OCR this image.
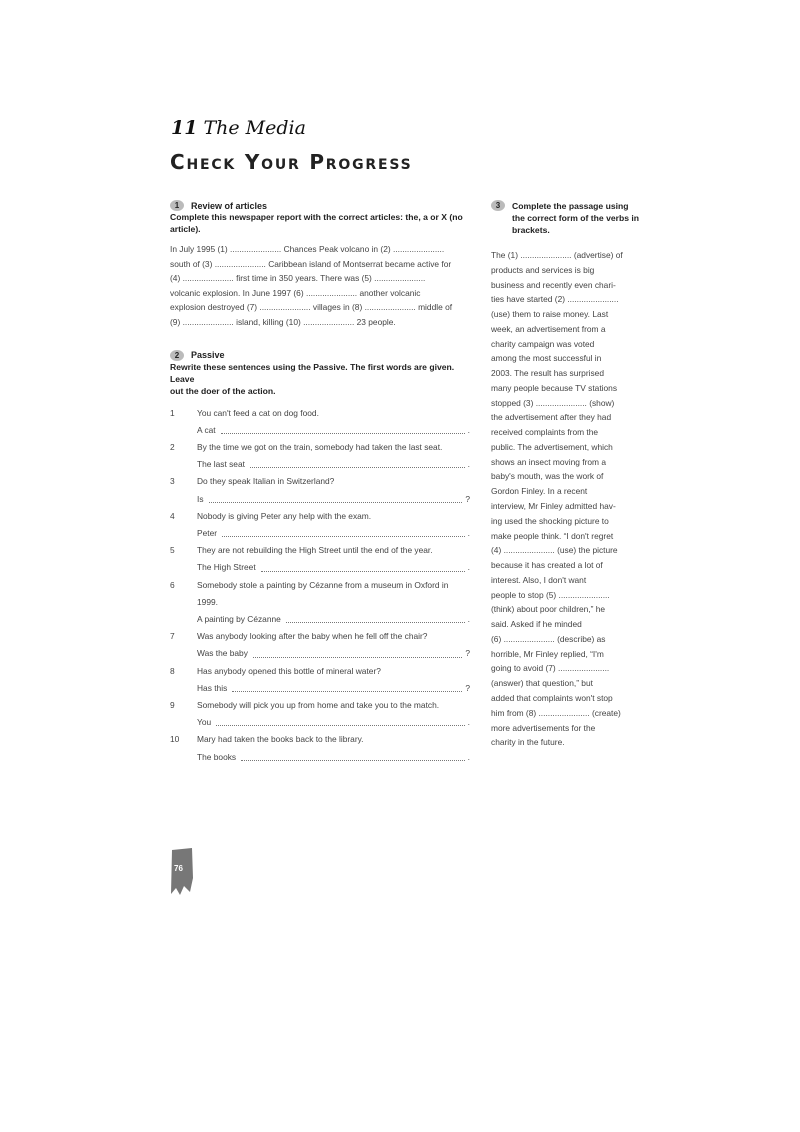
11 The Media
Check Your Progress
1	Review of articles
Complete this newspaper report with the correct articles: the, a or X (no
article).
In July 1995 (1) ...................... Chances Peak volcano in (2) ......................
south of (3) ...................... Caribbean island of Montserrat became active for
(4) ...................... first time in 350 years. There was (5) ......................
volcanic explosion. In June 1997 (6) ...................... another volcanic
explosion destroyed (7) ...................... villages in (8) ...................... middle of
(9) ...................... island, killing (10) ...................... 23 people.
2	Passive
Rewrite these sentences using the Passive. The first words are given. Leave
out the doer of the action.
1	You can't feed a cat on dog food.
A cat	.
2	By the time we got on the train, somebody had taken the last seat.
The last seat	.
3	Do they speak Italian in Switzerland?
Is	?
4	Nobody is giving Peter any help with the exam.
Peter	.
5	They are not rebuilding the High Street until the end of the year.
The High Street	.
6	Somebody stole a painting by Cézanne from a museum in Oxford in
1999.
A painting by Cézanne	.
7	Was anybody looking after the baby when he fell off the chair?
Was the baby	?
8	Has anybody opened this bottle of mineral water?
Has this	?
9	Somebody will pick you up from home and take you to the match.
You	.
10	Mary had taken the books back to the library.
The books	.
3	Complete the passage using
the correct form of the verbs in
brackets.
The (1) ...................... (advertise) of
products and services is big
business and recently even chari-
ties have started (2) ......................
(use) them to raise money. Last
week, an advertisement from a
charity campaign was voted
among the most successful in
2003. The result has surprised
many people because TV stations
stopped (3) ...................... (show)
the advertisement after they had
received complaints from the
public. The advertisement, which
shows an insect moving from a
baby's mouth, was the work of
Gordon Finley. In a recent
interview, Mr Finley admitted hav-
ing used the shocking picture to
make people think. “I don't regret
(4) ...................... (use) the picture
because it has created a lot of
interest. Also, I don't want
people to stop (5) ......................
(think) about poor children,” he
said. Asked if he minded
(6) ...................... (describe) as
horrible, Mr Finley replied, “I'm
going to avoid (7) ......................
(answer) that question,” but
added that complaints won't stop
him from (8) ...................... (create)
more advertisements for the
charity in the future.
76
